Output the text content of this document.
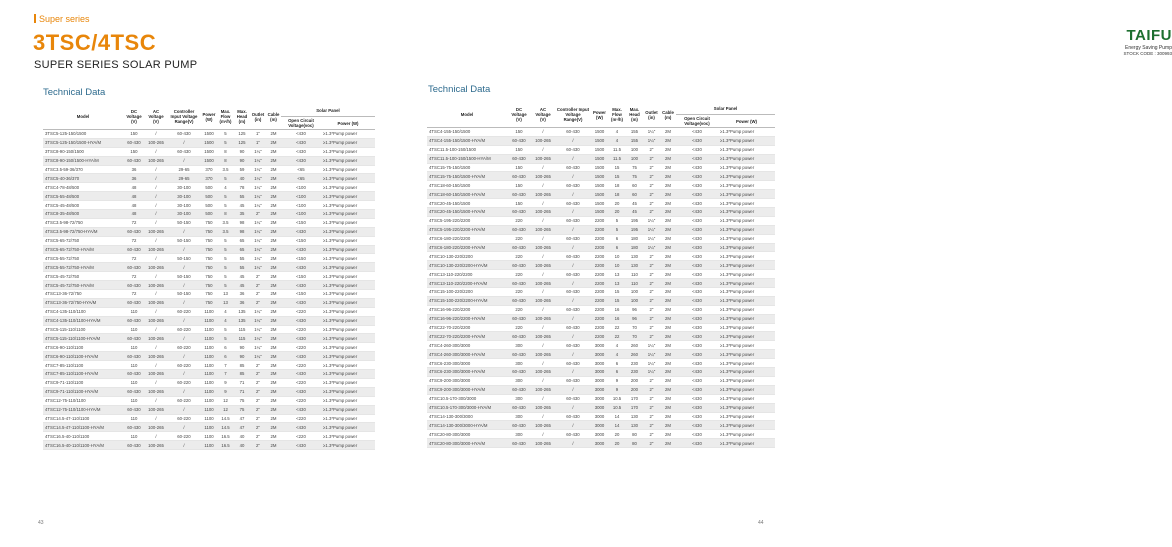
Super series
3TSC/4TSC
SUPER SERIES SOLAR PUMP
Technical Data
Model	DC Voltage (V)	AC Voltage (V)	Controller Input Voltage Range(V)	Power (W)	Max. Flow (m³/h)	Max. Head (m)	Outlet (in)	Cable (m)	Solar Panel	
									Open Circuit Voltage(voc)	Power (W)
3TSC5-125-150/1500	150	/	60-430	1500	5	125	1"	2M	<430	≥1.3*Pump power
3TSC5-125-150/1500-HYA/M	60-430	100-265	/	1500	5	125	1"	2M	<430	≥1.3*Pump power
3TSC8-90-150/1500	150	/	60-430	1500	8	90	1¼"	2M	<430	≥1.3*Pump power
3TSC8-90-150/1500-HYA/M	60-430	100-265	/	1500	8	90	1¼"	2M	<430	≥1.3*Pump power
4TSC3.5-59-36/370	36	/	29-65	370	3.5	59	1¼"	2M	<65	≥1.3*Pump power
4TSC5-40-36/370	36	/	29-65	370	5	40	1¼"	2M	<65	≥1.3*Pump power
4TSC4-78-48/500	48	/	30-100	500	4	78	1¼"	2M	<100	≥1.3*Pump power
4TSC5-55-48/500	48	/	30-100	500	5	55	1¼"	2M	<100	≥1.3*Pump power
4TSC5-45-48/500	48	/	30-100	500	5	45	1¼"	2M	<100	≥1.3*Pump power
4TSC8-35-48/500	48	/	30-100	500	8	35	2"	2M	<100	≥1.3*Pump power
4TSC3.5-98-72/750	72	/	50-150	750	3.5	98	1¼"	2M	<150	≥1.3*Pump power
4TSC3.5-98-72/750-HYA/M	60-430	100-265	/	750	3.5	98	1¼"	2M	<430	≥1.3*Pump power
4TSC5-65-72/750	72	/	50-150	750	5	65	1¼"	2M	<150	≥1.3*Pump power
4TSC5-65-72/750-HYA/M	60-430	100-265	/	750	5	65	1¼"	2M	<430	≥1.3*Pump power
4TSC5-55-72/750	72	/	50-150	750	5	55	1¼"	2M	<150	≥1.3*Pump power
4TSC5-55-72/750-HYA/M	60-430	100-265	/	750	5	55	1¼"	2M	<430	≥1.3*Pump power
4TSC5-45-72/750	72	/	50-150	750	5	45	2"	2M	<150	≥1.3*Pump power
4TSC5-45-72/750-HYA/M	60-430	100-265	/	750	5	45	2"	2M	<430	≥1.3*Pump power
4TSC13-36-72/750	72	/	50-150	750	13	36	2"	2M	<150	≥1.3*Pump power
4TSC13-36-72/750-HYA/M	60-430	100-265	/	750	13	36	2"	2M	<430	≥1.3*Pump power
4TSC4-135-110/1100	110	/	60-220	1100	4	135	1¼"	2M	<220	≥1.3*Pump power
4TSC4-135-110/1100-HYA/M	60-430	100-265	/	1100	4	135	1¼"	2M	<430	≥1.3*Pump power
4TSC5-115-110/1100	110	/	60-220	1100	5	115	1¼"	2M	<220	≥1.3*Pump power
4TSC5-115-110/1100-HYA/M	60-430	100-265	/	1100	5	115	1¼"	2M	<430	≥1.3*Pump power
4TSC6-90-110/1100	110	/	60-220	1100	6	90	1¼"	2M	<220	≥1.3*Pump power
4TSC6-90-110/1100-HYA/M	60-430	100-265	/	1100	6	90	1¼"	2M	<430	≥1.3*Pump power
4TSC7-85-110/1100	110	/	60-220	1100	7	85	2"	2M	<220	≥1.3*Pump power
4TSC7-85-110/1100-HYA/M	60-430	100-265	/	1100	7	85	2"	2M	<430	≥1.3*Pump power
4TSC9-71-110/1100	110	/	60-220	1100	9	71	2"	2M	<220	≥1.3*Pump power
4TSC9-71-110/1100-HYA/M	60-430	100-265	/	1100	9	71	2"	2M	<430	≥1.3*Pump power
4TSC12-75-110/1100	110	/	60-220	1100	12	75	2"	2M	<220	≥1.3*Pump power
4TSC12-75-110/1100-HYA/M	60-430	100-265	/	1100	12	75	2"	2M	<430	≥1.3*Pump power
4TSC14.5-47-110/1100	110	/	60-220	1100	14.5	47	2"	2M	<220	≥1.3*Pump power
4TSC14.5-47-110/1100-HYA/M	60-430	100-265	/	1100	14.5	47	2"	2M	<430	≥1.3*Pump power
4TSC16.5-40-110/1100	110	/	60-220	1100	16.5	40	2"	2M	<220	≥1.3*Pump power
4TSC16.5-40-110/1100-HYA/M	60-430	100-265	/	1100	16.5	40	2"	2M	<430	≥1.3*Pump power
43
TAIFU
Energy Saving Pump
STOCK CODE : 300993
Technical Data
Model	DC Voltage (V)	AC Voltage (V)	Controller Input Voltage Range(V)	Power (W)	Max. Flow (m³/h)	Max. Head (m)	Outlet (in)	Cable (m)	Solar Panel	
									Open Circuit Voltage(voc)	Power (W)
4TSC4-155-150/1500	150	/	60-430	1500	4	155	1¼"	2M	<430	≥1.3*Pump power
4TSC4-155-150/1500-HYA/M	60-430	100-265	/	1500	4	155	1¼"	2M	<430	≥1.3*Pump power
4TSC11.5-100-150/1500	150	/	60-430	1500	11.5	100	2"	2M	<430	≥1.3*Pump power
4TSC11.5-100-150/1500-HYA/M	60-430	100-265	/	1500	11.5	100	2"	2M	<430	≥1.3*Pump power
4TSC15-75-150/1500	150	/	60-430	1500	15	75	2"	2M	<430	≥1.3*Pump power
4TSC15-75-150/1500-HYA/M	60-430	100-265	/	1500	15	75	2"	2M	<430	≥1.3*Pump power
4TSC18-60-150/1500	150	/	60-430	1500	18	60	2"	2M	<430	≥1.3*Pump power
4TSC18-60-150/1500-HYA/M	60-430	100-265	/	1500	18	60	2"	2M	<430	≥1.3*Pump power
4TSC20-45-150/1500	150	/	60-430	1500	20	45	2"	2M	<430	≥1.3*Pump power
4TSC20-45-150/1500-HYA/M	60-430	100-265	/	1500	20	45	2"	2M	<430	≥1.3*Pump power
4TSC5-195-220/2200	220	/	60-430	2200	5	195	1¼"	2M	<430	≥1.3*Pump power
4TSC5-195-220/2200-HYA/M	60-430	100-265	/	2200	5	195	1¼"	2M	<430	≥1.3*Pump power
4TSC6-180-220/2200	220	/	60-430	2200	6	180	1¼"	2M	<430	≥1.3*Pump power
4TSC6-180-220/2200-HYA/M	60-430	100-265	/	2200	6	180	1¼"	2M	<430	≥1.3*Pump power
4TSC10-130-220/2200	220	/	60-430	2200	10	130	2"	2M	<430	≥1.3*Pump power
4TSC10-130-220/2200-HYA/M	60-430	100-265	/	2200	10	130	2"	2M	<430	≥1.3*Pump power
4TSC13-110-220/2200	220	/	60-430	2200	13	110	2"	2M	<430	≥1.3*Pump power
4TSC13-110-220/2200-HYA/M	60-430	100-265	/	2200	13	110	2"	2M	<430	≥1.3*Pump power
4TSC15-100-220/2200	220	/	60-430	2200	15	100	2"	2M	<430	≥1.3*Pump power
4TSC15-100-220/2200-HYA/M	60-430	100-265	/	2200	15	100	2"	2M	<430	≥1.3*Pump power
4TSC16-96-220/2200	220	/	60-430	2200	16	96	2"	2M	<430	≥1.3*Pump power
4TSC16-96-220/2200-HYA/M	60-430	100-265	/	2200	16	96	2"	2M	<430	≥1.3*Pump power
4TSC22-70-220/2200	220	/	60-430	2200	22	70	2"	2M	<430	≥1.3*Pump power
4TSC22-70-220/2200-HYA/M	60-430	100-265	/	2200	22	70	2"	2M	<430	≥1.3*Pump power
4TSC4-260-300/3000	300	/	60-430	3000	4	260	1¼"	2M	<430	≥1.3*Pump power
4TSC4-260-300/3000-HYA/M	60-430	100-265	/	3000	4	260	1¼"	2M	<430	≥1.3*Pump power
4TSC6-230-300/3000	300	/	60-430	3000	6	230	1¼"	2M	<430	≥1.3*Pump power
4TSC6-230-300/3000-HYA/M	60-430	100-265	/	3000	6	230	1¼"	2M	<430	≥1.3*Pump power
4TSC9-200-300/3000	300	/	60-430	3000	9	200	2"	2M	<430	≥1.3*Pump power
4TSC9-200-300/3000-HYA/M	60-430	100-265	/	3000	9	200	2"	2M	<430	≥1.3*Pump power
4TSC10.5-170-300/3000	300	/	60-430	3000	10.5	170	2"	2M	<430	≥1.3*Pump power
4TSC10.5-170-300/3000-HYA/M	60-430	100-265	/	3000	10.5	170	2"	2M	<430	≥1.3*Pump power
4TSC14-130-300/3000	300	/	60-430	3000	14	130	2"	2M	<430	≥1.3*Pump power
4TSC14-130-300/3000-HYA/M	60-430	100-265	/	3000	14	130	2"	2M	<430	≥1.3*Pump power
4TSC20-80-300/3000	300	/	60-430	3000	20	80	2"	2M	<430	≥1.3*Pump power
4TSC20-80-300/3000-HYA/M	60-430	100-265	/	3000	20	80	2"	2M	<430	≥1.3*Pump power
44
